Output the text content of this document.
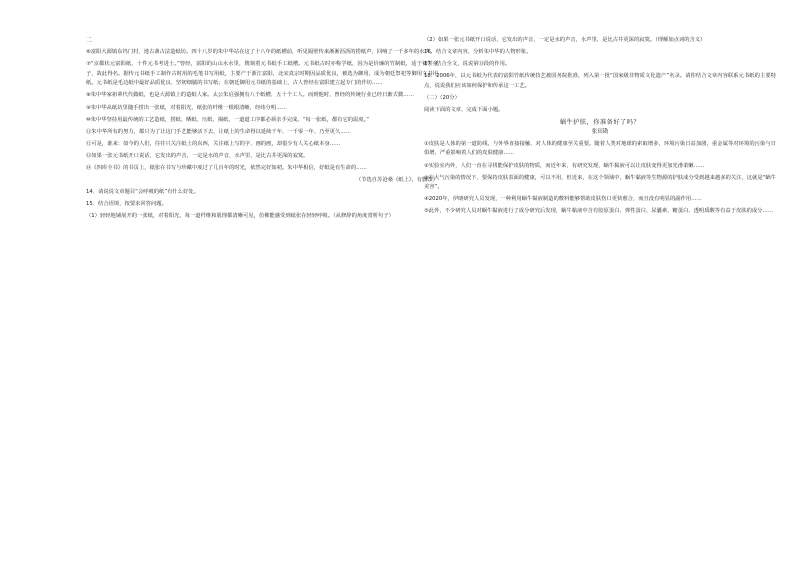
二

⑥富阳大源镇东坞门村，逸古斋古法造纸坊。四十八岁的朱中华站在这了十八年的纸槽前，听见隔壁传来淅淅沥沥的捞纸声，回响了一千多年的水声。

⑦“京都状元富阳纸，十件元书考进士。”曾经，富阳的山山水水里，镌刻着元书纸手工纸槽。元书纸古时亦称学纸，因为是价廉的竹制纸，适于初学童子，故此得名。据传元书纸手工制作古时用的毛笔书写用纸，主要产于浙江富阳，北宋真宗时期因品质优良，被选为御用，成为朝廷祭祀等御用文书用纸。元书纸是毛边纸中最好品质优良、坚韧细腻的书写纸；在朝廷御用元书纸的基础上，古人曾经在富阳建立起专门的作坊……

⑧朱中华家祖辈代代做纸，也是大源镇上的造纸人家。太公朱启强拥有八个纸槽，五十个工人。而到他时，曾经的传统行业已经日渐式微……

⑨朱中华从纸坊里随手捞出一张纸，对着阳光，纸张的纤维一根根清晰，经纬分明……

⑩朱中华坚持用最传统的工艺造纸，捞纸、晒纸、压纸、揭纸，一道道工序都必须亲手完成。“每一张纸，都有它的温度。”

⑪朱中华所有的努力，都只为了让这门手艺能够活下去，让纸上的生命得以延续千年、一千零一年、乃至更久……

⑫可是，谁来：如今的人们，往往只关注纸上的东西，关注纸上写的字、画的画，却很少有人关心纸本身……

⑬如果一张元书纸开口说话，它发出的声音，一定是水的声音，水声里，是比古井更深的寂寞。

⑭《四库全书》的书页上，纸张在书写与珍藏中度过了几百年的时光，依然完好如初。朱中华相信，好纸是有生命的……

（节选自苏沧桑《纸上》，有删改）

14．请说说文章题目“会呼吸的纸”有什么好处。

15．结合语境，按要求回答问题。

（1）轻轻地铺展开的一张纸，对着阳光，每一道纤维和肌理都清晰可见，仿佛能感受到纸张在轻轻呼吸。（从修辞的角度赏析句子）

（2）如果一张元书纸开口说话，它发出的声音，一定是水的声音，水声里，是比古井更深的寂寞。（理解加点词的含义）

16．结合文章内容，分析朱中华的人物形象。

17．结合全文，说说第⑬段的作用。

18．2006年，以元书纸为代表的富阳竹纸传统技艺被国务院批准，列入第一批“国家级非物质文化遗产”名录。请你结合文章内容联系元书纸的主要特点，说说我们应该如何保护和传承这一工艺。

（二）（20分）

阅读下面的文章，完成下面小题。

蜗牛护肤，你准备好了吗？

张田勘

①皮肤是人体的第一道防线，与外界直接接触，对人体的健康至关重要。随着人类对地球的索取增多，环境污染日益加剧，重金属等对环境的污染与日俱增，严重影响着人们的皮肤健康……

②实验室内外，人们一直在寻找能保护皮肤的物质，而近年来，有研究发现，蜗牛黏液可以让皮肤变得更加光滑柔嫩……

③在大气污染的情况下，要保持皮肤表面的健康，可以不用，但近来，在这个领域中，蜗牛黏液等生物源的护肤成分受到越来越多的关注，这就是“蜗牛美容”。

④2020年，伊朗研究人员发现，一种利用蜗牛黏液制造的敷料能够帮助皮肤伤口更快愈合，而且没有明显的副作用……

⑤此外，不少研究人员对蜗牛黏液进行了成分研究后发现，蜗牛黏液中含有胶原蛋白、弹性蛋白、尿囊素、糖蛋白、透明质酸等有益于皮肤的成分……
